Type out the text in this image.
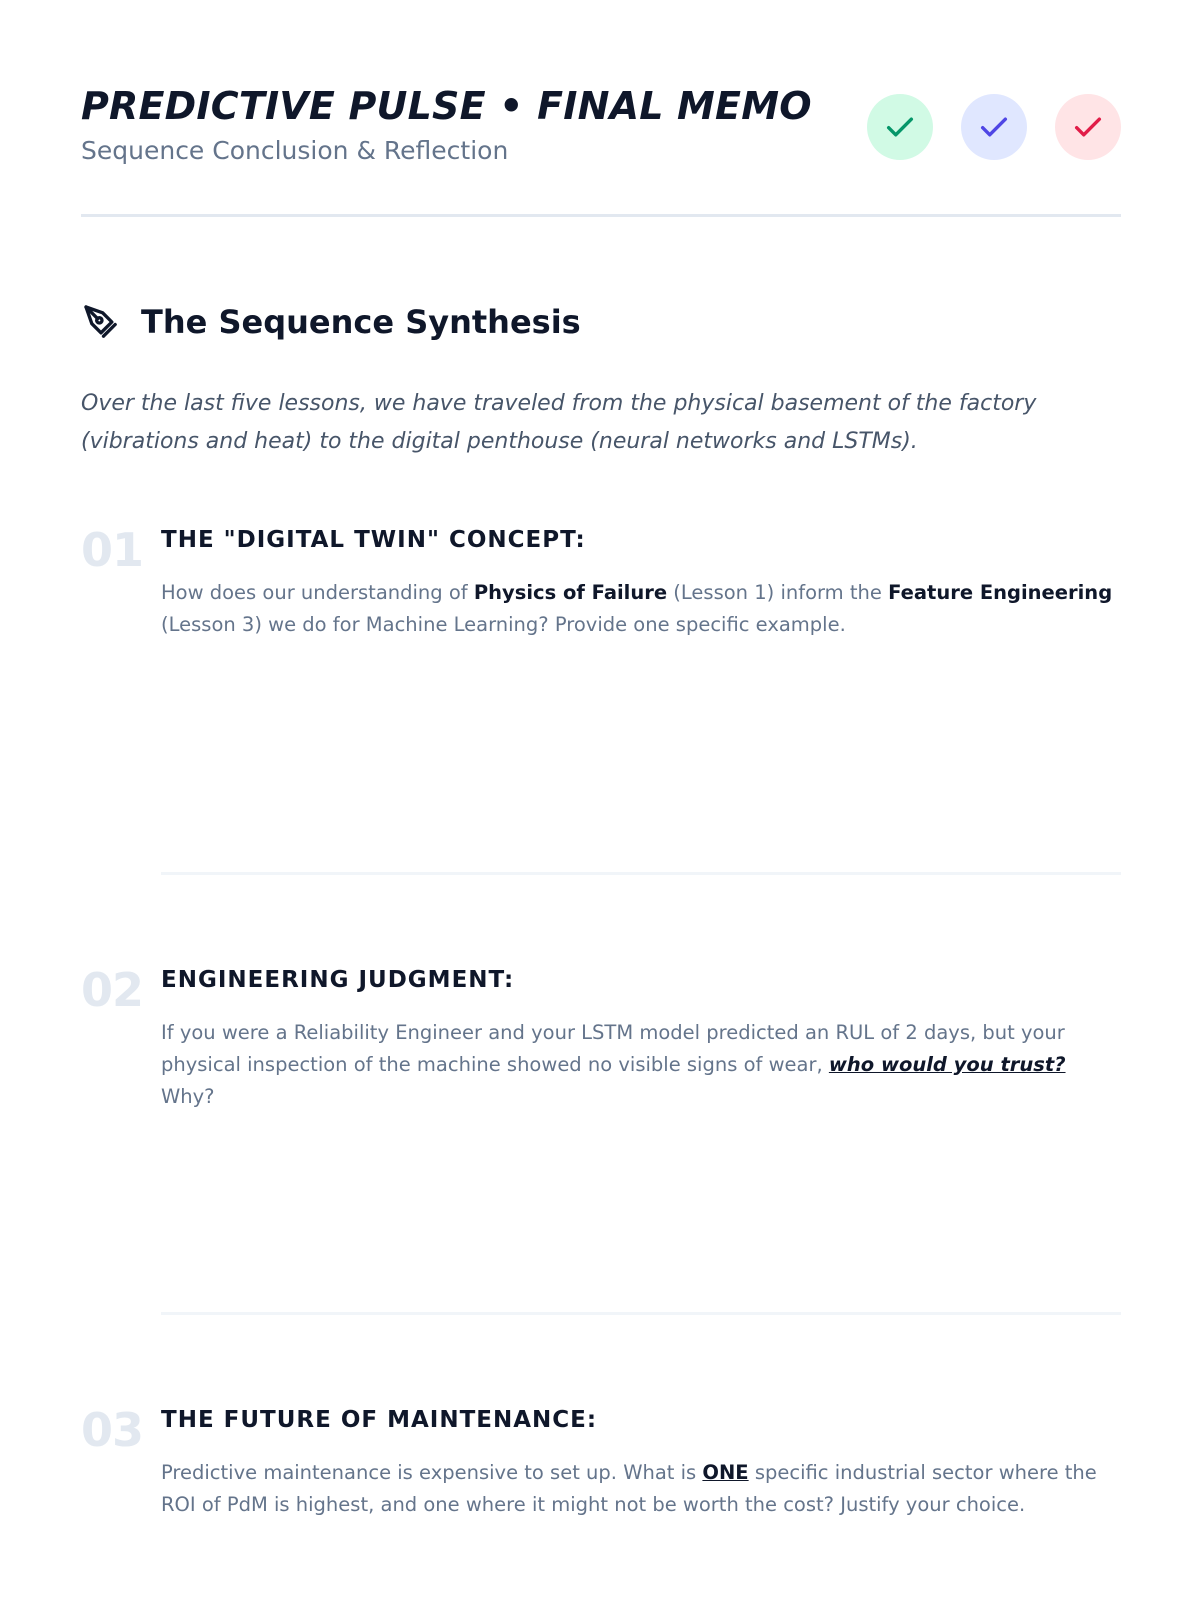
PREDICTIVE PULSE • FINAL MEMO
Sequence Conclusion & Reflection
The Sequence Synthesis

Over the last five lessons, we have traveled from the physical basement of the factory (vibrations and heat) to the digital penthouse (neural networks and LSTMs).

01 THE "DIGITAL TWIN" CONCEPT:

How does our understanding of Physics of Failure (Lesson 1) inform the Feature Engineering (Lesson 3) we do for Machine Learning? Provide one specific example.

02 ENGINEERING JUDGMENT:

If you were a Reliability Engineer and your LSTM model predicted an RUL of 2 days, but your physical inspection of the machine showed no visible signs of wear, who would you trust? Why?

03 THE FUTURE OF MAINTENANCE:

Predictive maintenance is expensive to set up. What is ONE specific industrial sector where the ROI of PdM is highest, and one where it might not be worth the cost? Justify your choice.
